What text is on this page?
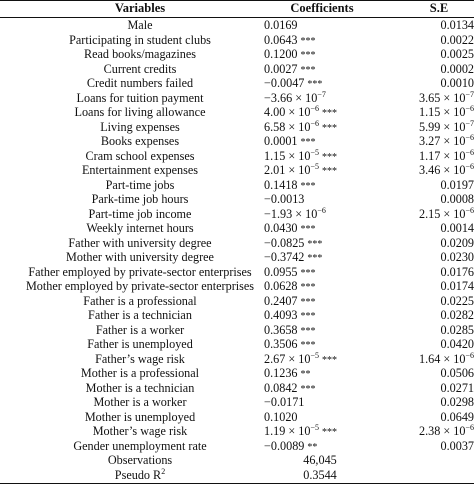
Variables	Coefficients	S.E
Male	0.0169	0.0134
Participating in student clubs	0.0643 ***	0.0022
Read books/magazines	0.1200 ***	0.0025
Current credits	0.0027 ***	0.0002
Credit numbers failed	−0.0047 ***	0.0010
Loans for tuition payment	$-3.66 \times 10^{-7}$	$3.65 \times 10^{-7}$
Loans for living allowance	$4.00 \times 10^{-6}$ ***	$1.15 \times 10^{-6}$
Living expenses	$6.58 \times 10^{-6}$ ***	$5.99 \times 10^{-7}$
Books expenses	0.0001 ***	$3.27 \times 10^{-6}$
Cram school expenses	$1.15 \times 10^{-5}$ ***	$1.17 \times 10^{-6}$
Entertainment expenses	$2.01 \times 10^{-5}$ ***	$3.46 \times 10^{-6}$
Part-time jobs	0.1418 ***	0.0197
Park-time job hours	−0.0013	0.0008
Part-time job income	$-1.93 \times 10^{-6}$	$2.15 \times 10^{-6}$
Weekly internet hours	0.0430 ***	0.0014
Father with university degree	−0.0825 ***	0.0209
Mother with university degree	−0.3742 ***	0.0230
Father employed by private-sector enterprises	0.0955 ***	0.0176
Mother employed by private-sector enterprises 0.0628 ***	0.0174
Father is a professional	0.2407 ***	0.0225
Father is a technician	0.4093 ***	0.0282
Father is a worker	0.3658 ***	0.0285
Father is unemployed	0.3506 ***	0.0420
Father’s wage risk	$2.67 \times 10^{-5}$ ***	$1.64 \times 10^{-6}$
Mother is a professional	0.1236 **	0.0506
Mother is a technician	0.0842 ***	0.0271
Mother is a worker	−0.0171	0.0298
Mother is unemployed	0.1020	0.0649
Mother’s wage risk	$1.19 \times 10^{-5}$ ***	$2.38 \times 10^{-6}$
Gender unemployment rate	−0.0089 **	0.0037
Observations	46,045
Pseudo $R^2$	0.3544
